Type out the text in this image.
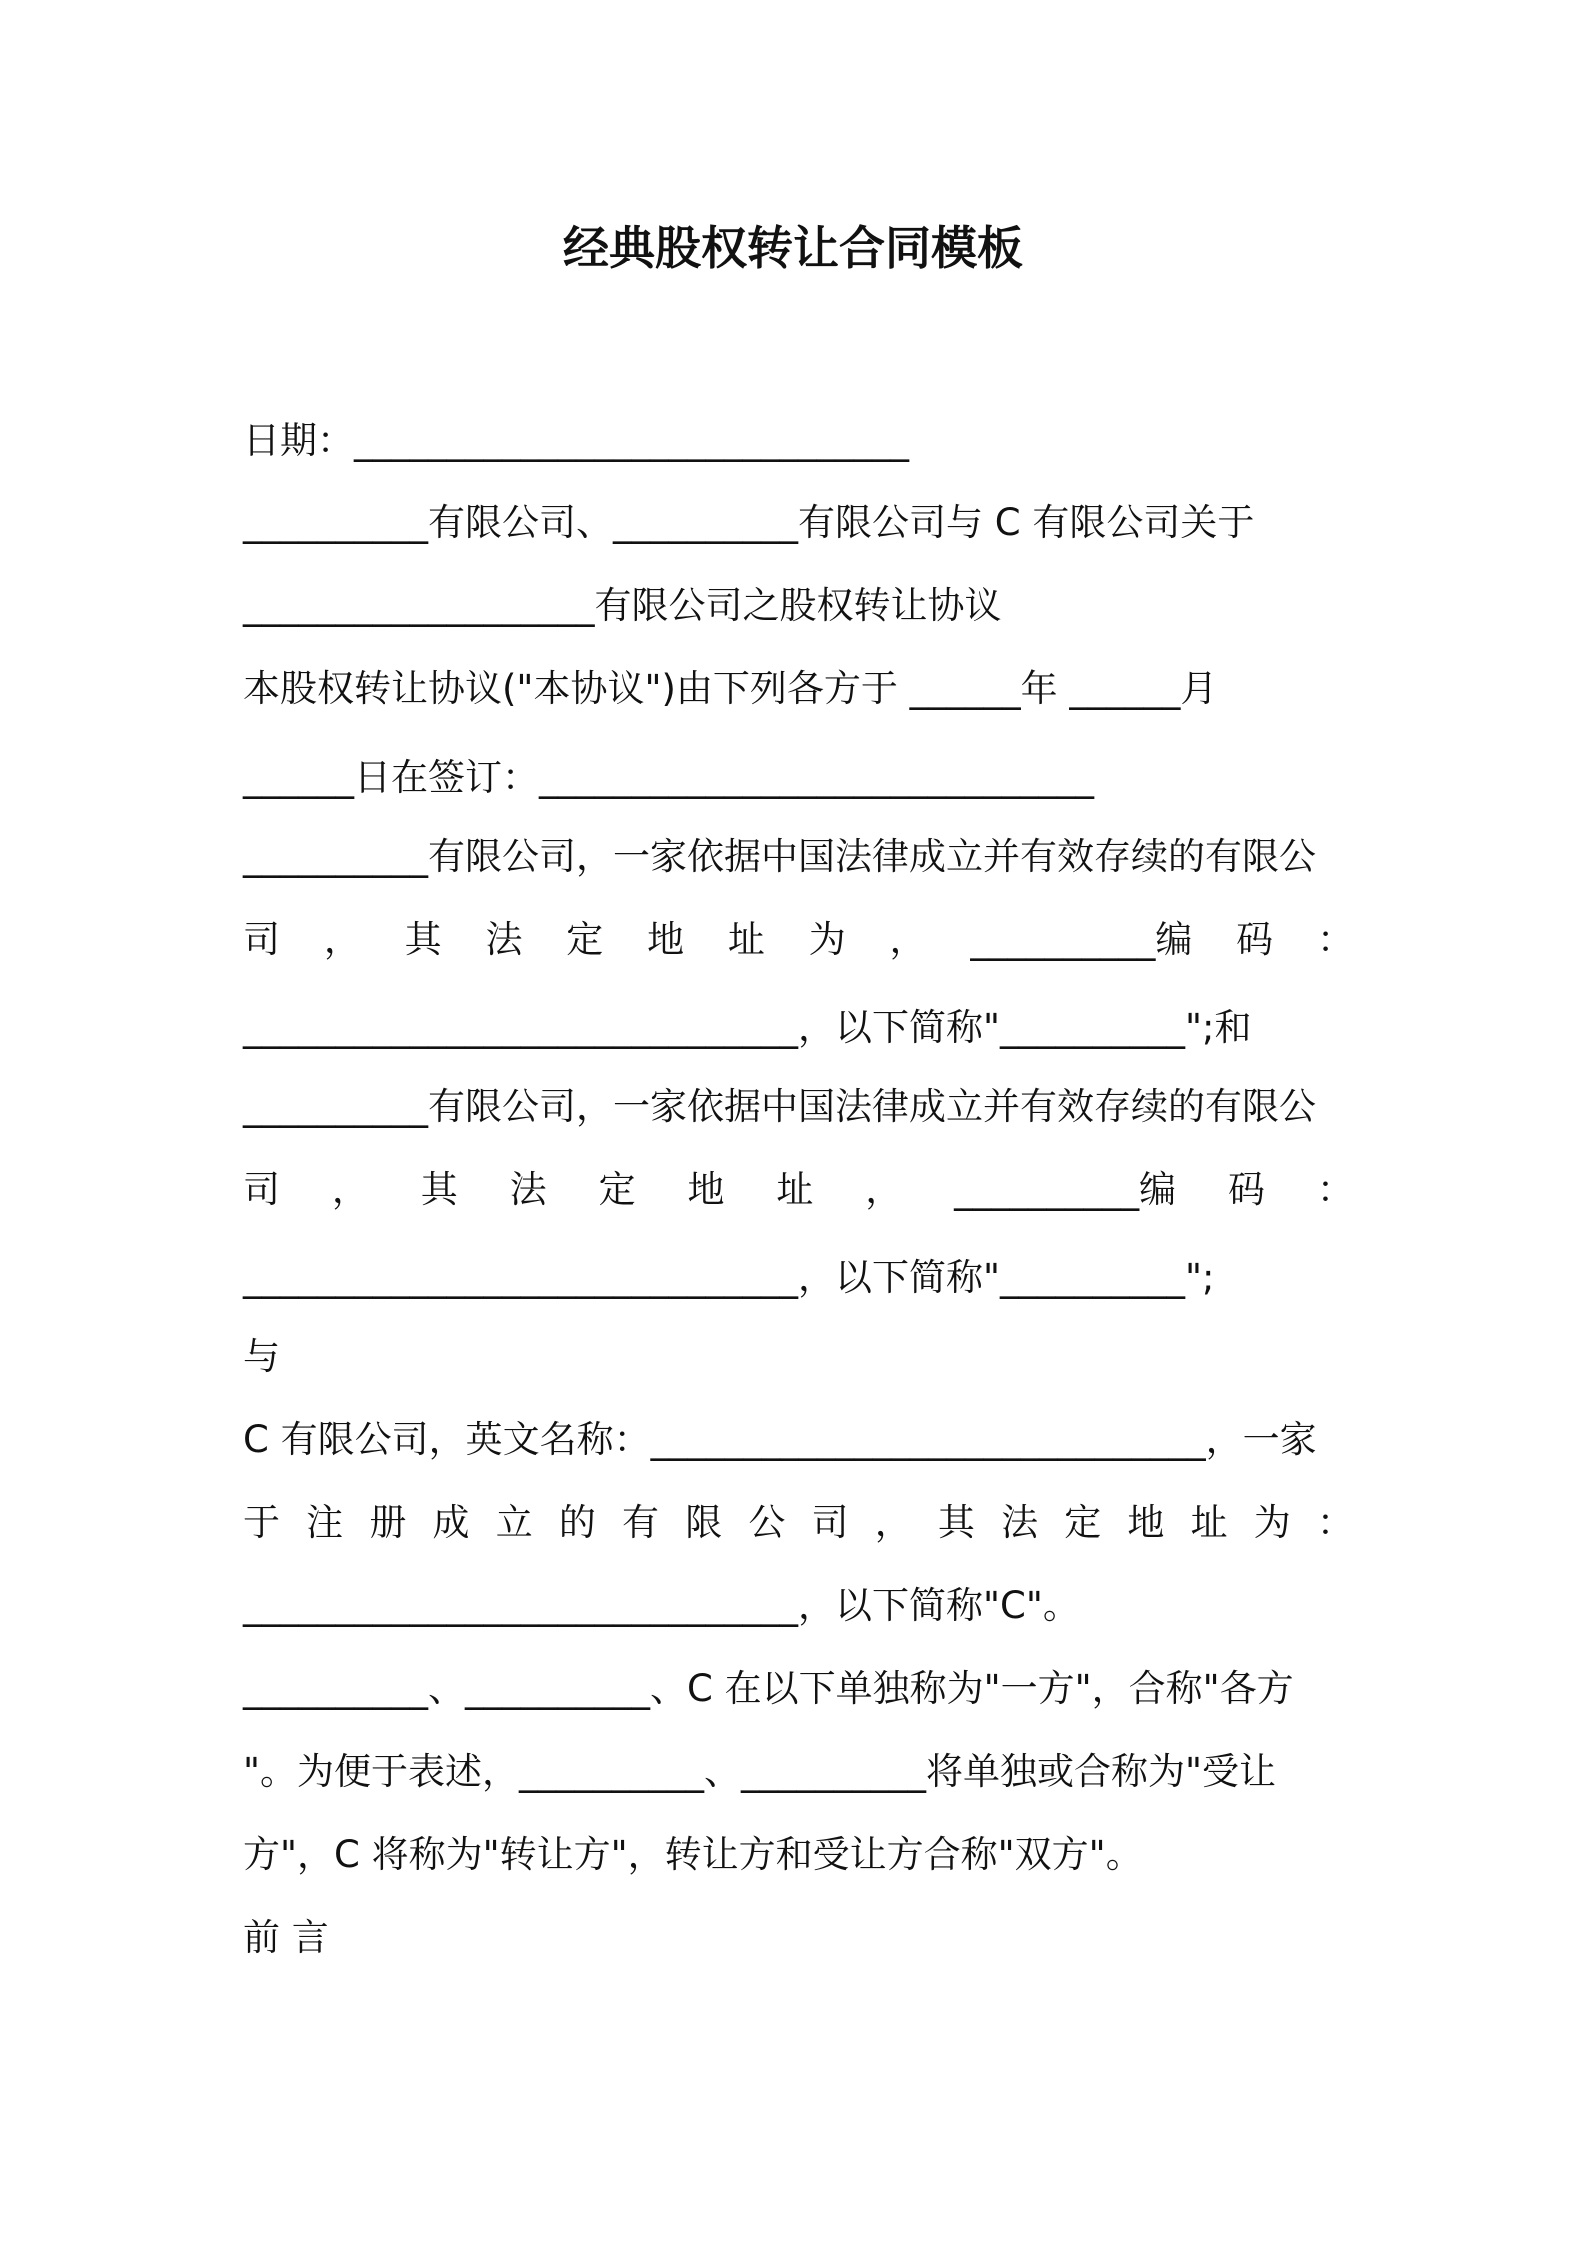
经典股权转让合同模板
日期：______________________________
__________有限公司、__________有限公司与 C 有限公司关于
___________________有限公司之股权转让协议
本股权转让协议("本协议")由下列各方于 ______年 ______月
______日在签订：______________________________
__________有限公司，一家依据中国法律成立并有效存续的有限公
司 ， 其 法 定 地 址 为 ， __________编 码 ：
______________________________，以下简称"__________";和
__________有限公司，一家依据中国法律成立并有效存续的有限公
司 ， 其 法 定 地 址 ， __________编 码 ：
______________________________，以下简称"__________";
与
C 有限公司，英文名称：______________________________，一家
于 注 册 成 立 的 有 限 公 司 ， 其 法 定 地 址 为 ：
______________________________，以下简称"C"。
__________、__________、C 在以下单独称为"一方"，合称"各方
"。为便于表述，__________、__________将单独或合称为"受让
方"，C 将称为"转让方"，转让方和受让方合称"双方"。
前 言
